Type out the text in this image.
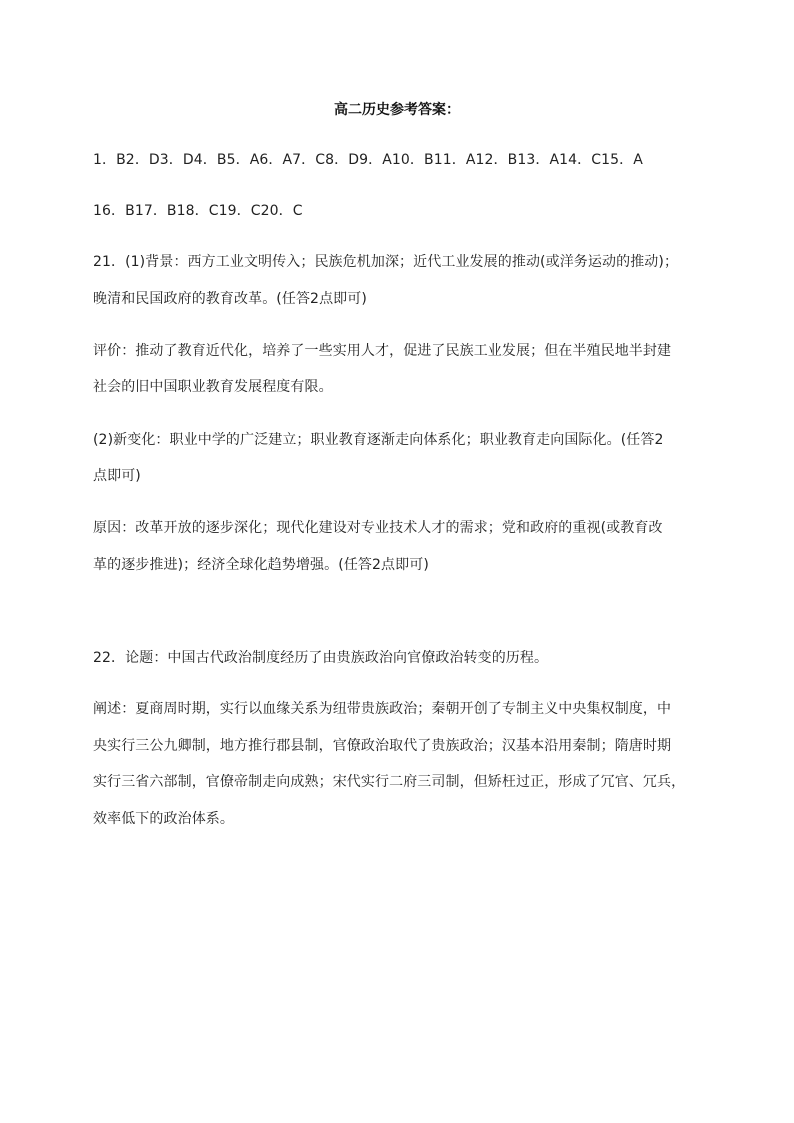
高二历史参考答案：
1．B2．D3．D4．B5．A6．A7．C8．D9．A10．B11．A12．B13．A14．C15．A
16．B17．B18．C19．C20．C
21．(1)背景：西方工业文明传入；民族危机加深；近代工业发展的推动(或洋务运动的推动)；
晚清和民国政府的教育改革。(任答2点即可)
评价：推动了教育近代化，培养了一些实用人才，促进了民族工业发展；但在半殖民地半封建
社会的旧中国职业教育发展程度有限。
(2)新变化：职业中学的广泛建立；职业教育逐渐走向体系化；职业教育走向国际化。(任答2
点即可)
原因：改革开放的逐步深化；现代化建设对专业技术人才的需求；党和政府的重视(或教育改
革的逐步推进)；经济全球化趋势增强。(任答2点即可)
22．论题：中国古代政治制度经历了由贵族政治向官僚政治转变的历程。
阐述：夏商周时期，实行以血缘关系为纽带贵族政治；秦朝开创了专制主义中央集权制度，中
央实行三公九卿制，地方推行郡县制，官僚政治取代了贵族政治；汉基本沿用秦制；隋唐时期
实行三省六部制，官僚帝制走向成熟；宋代实行二府三司制，但矫枉过正，形成了冗官、冗兵，
效率低下的政治体系。
